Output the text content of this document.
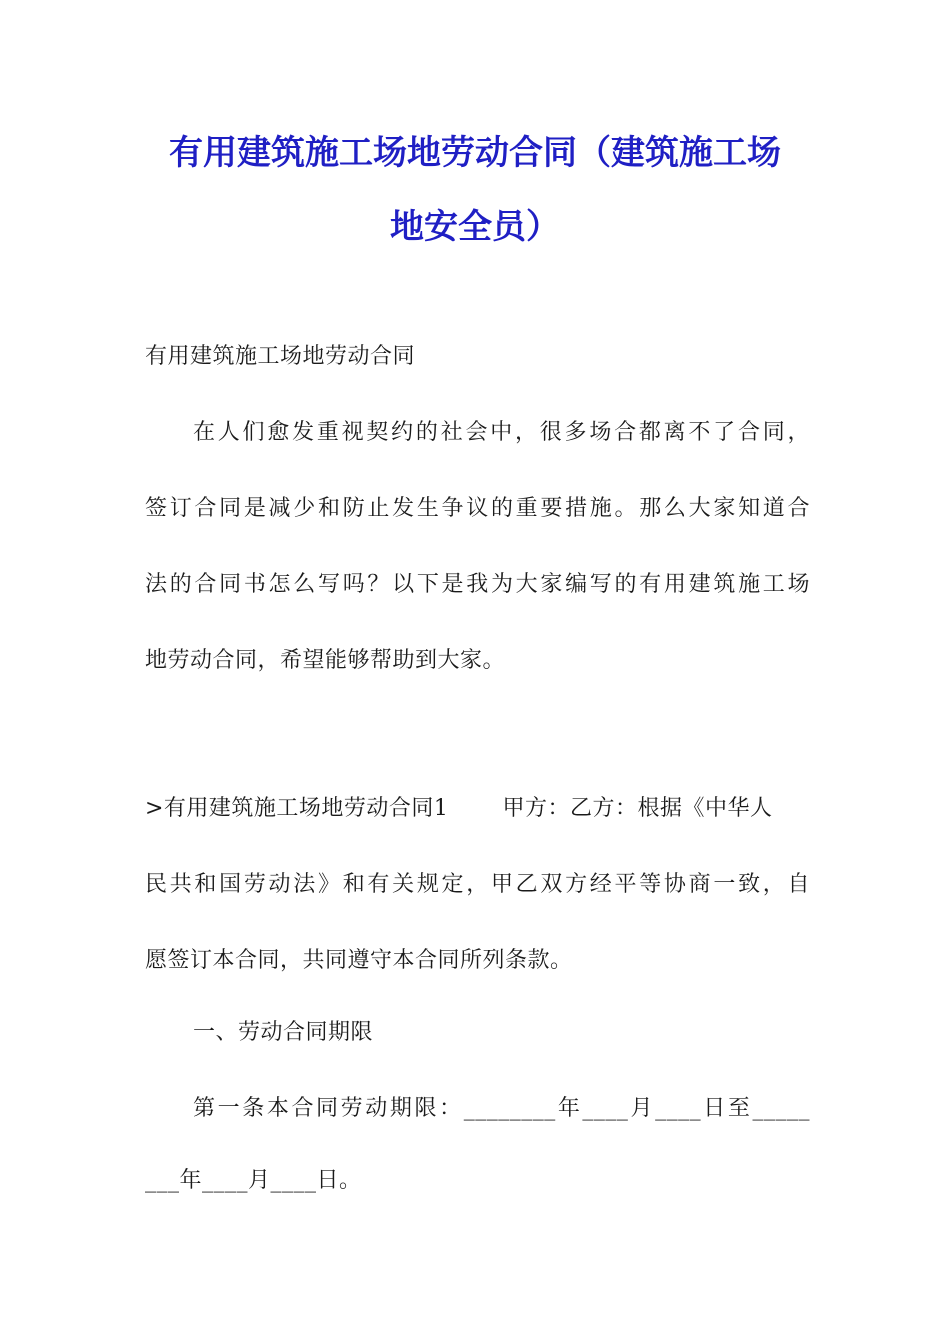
有用建筑施工场地劳动合同（建筑施工场
地安全员）

有用建筑施工场地劳动合同

在人们愈发重视契约的社会中，很多场合都离不了合同，

签订合同是减少和防止发生争议的重要措施。那么大家知道合

法的合同书怎么写吗？以下是我为大家编写的有用建筑施工场

地劳动合同，希望能够帮助到大家。

>有用建筑施工场地劳动合同1 甲方：乙方：根据《中华人

民共和国劳动法》和有关规定，甲乙双方经平等协商一致，自

愿签订本合同，共同遵守本合同所列条款。

一、劳动合同期限

第一条本合同劳动期限：________年____月____日至_____

___年____月____日。
